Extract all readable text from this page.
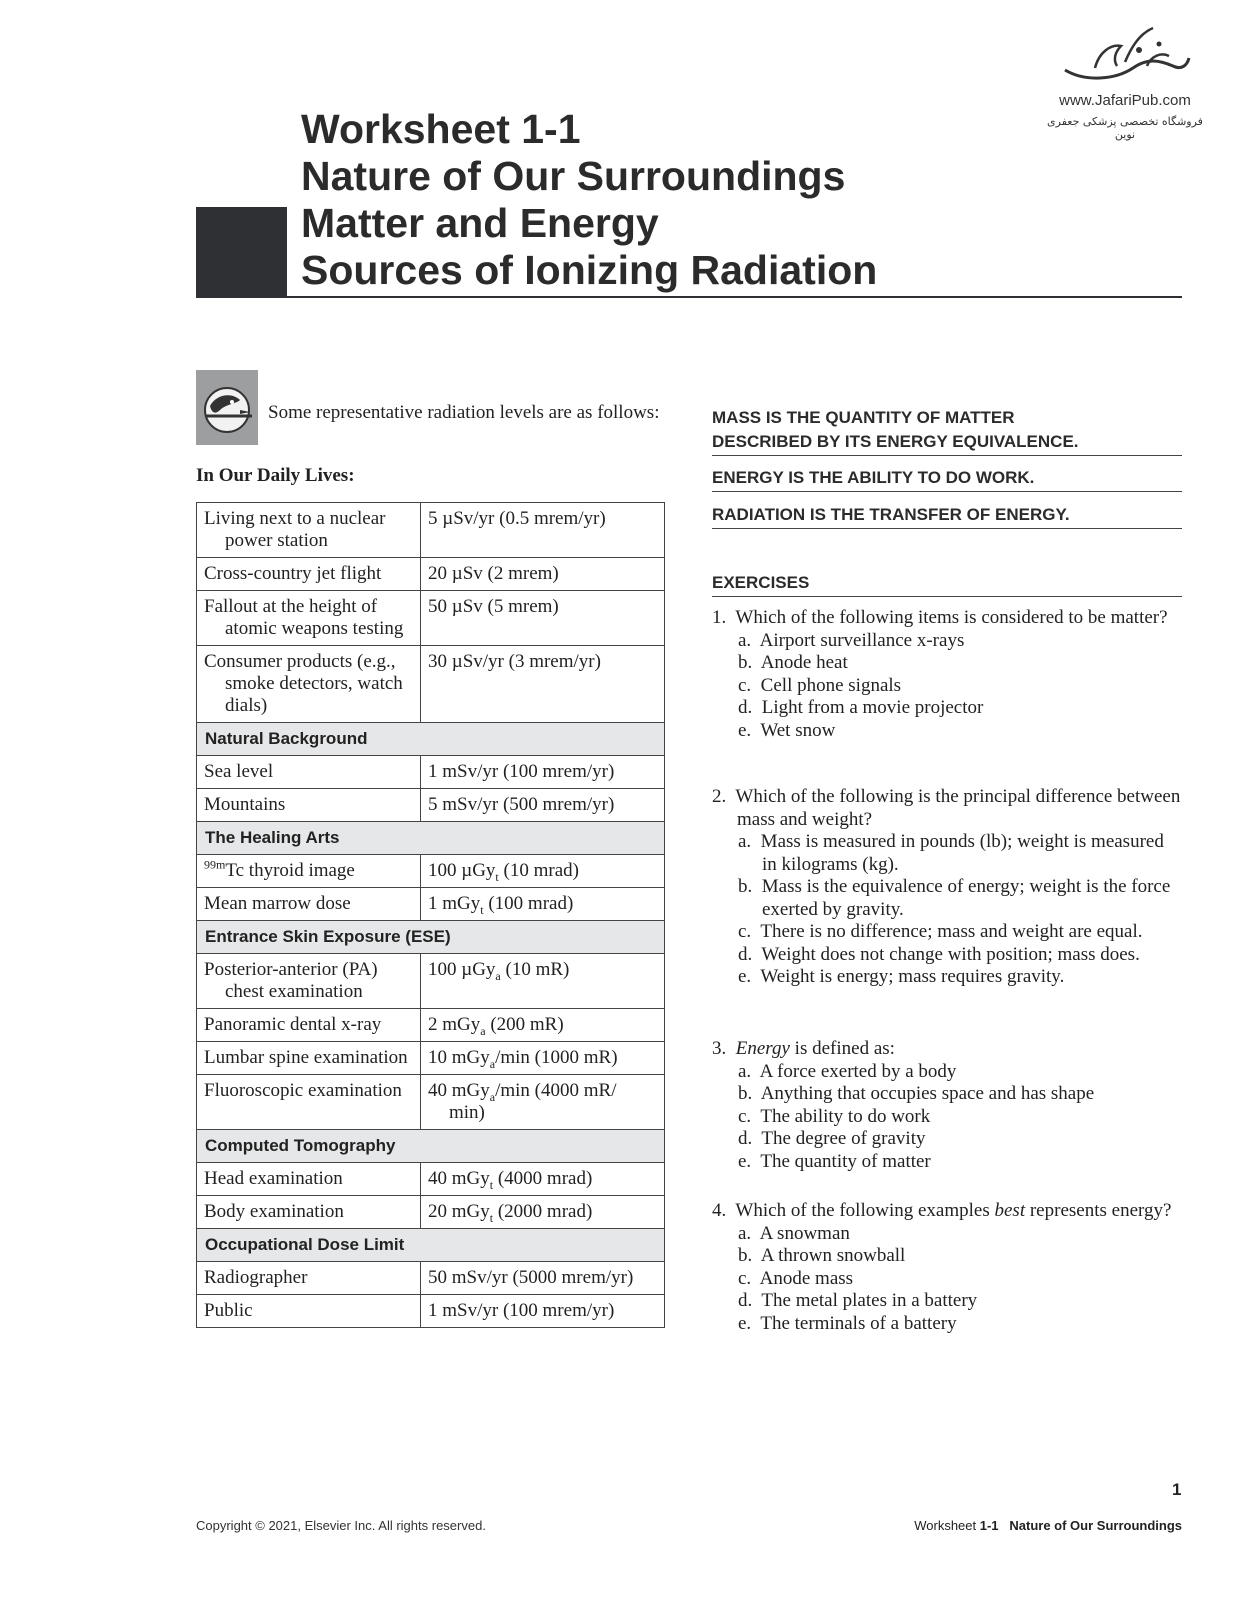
www.JafariPub.com
فروشگاه تخصصی پزشکی جعفری نوین
Worksheet 1-1
Nature of Our Surroundings
Matter and Energy
Sources of Ionizing Radiation
Some representative radiation levels are as follows:
In Our Daily Lives:
Living next to a nuclear power station	5 µSv/yr (0.5 mrem/yr)

Cross-country jet flight	20 µSv (2 mrem)

Fallout at the height of atomic weapons testing	50 µSv (5 mrem)

Consumer products (e.g., smoke detectors, watch dials)	30 µSv/yr (3 mrem/yr)
Natural Background	
Sea level	1 mSv/yr (100 mrem/yr)
Mountains	5 mSv/yr (500 mrem/yr)
The Healing Arts	
$^{99m}$Tc thyroid image	100 µGy$_t$ (10 mrad)
Mean marrow dose	1 mGy$_t$ (100 mrad)
Entrance Skin Exposure (ESE)	

Posterior-anterior (PA) chest examination	100 µGy$_a$ (10 mR)
Panoramic dental x-ray	2 mGy$_a$ (200 mR)

Lumbar spine examination	10 mGy$_a$/min (1000 mR)
Fluoroscopic examination	40 mGy$_a$/min (4000 mR/ min)

Computed Tomography	
Head examination	40 mGy$_t$ (4000 mrad)
Body examination	20 mGy$_t$ (2000 mrad)
Occupational Dose Limit	
Radiographer	50 mSv/yr (5000 mrem/yr)
Public	1 mSv/yr (100 mrem/yr)
MASS IS THE QUANTITY OF MATTER
DESCRIBED BY ITS ENERGY EQUIVALENCE.
ENERGY IS THE ABILITY TO DO WORK.
RADIATION IS THE TRANSFER OF ENERGY.
EXERCISES
1. Which of the following items is considered to be matter?
a.  Airport surveillance x-rays
b.  Anode heat
c.  Cell phone signals
d.  Light from a movie projector
e.  Wet snow
2. Which of the following is the principal difference between mass and weight?
a.  Mass is measured in pounds (lb); weight is measured in kilograms (kg).
b.  Mass is the equivalence of energy; weight is the force exerted by gravity.
c.  There is no difference; mass and weight are equal.
d.  Weight does not change with position; mass does.
e.  Weight is energy; mass requires gravity.
3. Energy is defined as:
a.  A force exerted by a body
b.  Anything that occupies space and has shape
c.  The ability to do work
d.  The degree of gravity
e.  The quantity of matter
4. Which of the following examples best represents energy?
a.  A snowman
b.  A thrown snowball
c.  Anode mass
d.  The metal plates in a battery
e.  The terminals of a battery
1
Copyright © 2021, Elsevier Inc. All rights reserved.	Worksheet 1-1 Nature of Our Surroundings
